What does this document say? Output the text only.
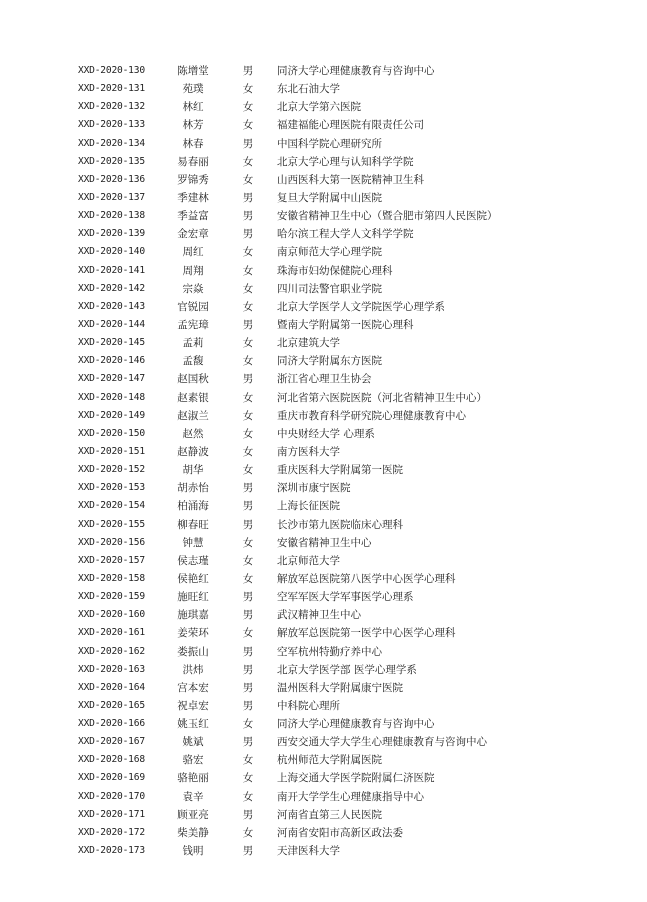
XXD-2020-130	陈增堂	男	同济大学心理健康教育与咨询中心
XXD-2020-131	苑璞	女	东北石油大学
XXD-2020-132	林红	女	北京大学第六医院
XXD-2020-133	林芳	女	福建福能心理医院有限责任公司
XXD-2020-134	林春	男	中国科学院心理研究所
XXD-2020-135	易春丽	女	北京大学心理与认知科学学院
XXD-2020-136	罗锦秀	女	山西医科大第一医院精神卫生科
XXD-2020-137	季建林	男	复旦大学附属中山医院
XXD-2020-138	季益富	男	安徽省精神卫生中心（暨合肥市第四人民医院）
XXD-2020-139	金宏章	男	哈尔滨工程大学人文科学学院
XXD-2020-140	周红	女	南京师范大学心理学院
XXD-2020-141	周翔	女	珠海市妇幼保健院心理科
XXD-2020-142	宗焱	女	四川司法警官职业学院
XXD-2020-143	官锐园	女	北京大学医学人文学院医学心理学系
XXD-2020-144	孟宪璋	男	暨南大学附属第一医院心理科
XXD-2020-145	孟莉	女	北京建筑大学
XXD-2020-146	孟馥	女	同济大学附属东方医院
XXD-2020-147	赵国秋	男	浙江省心理卫生协会
XXD-2020-148	赵素银	女	河北省第六医院医院（河北省精神卫生中心）
XXD-2020-149	赵淑兰	女	重庆市教育科学研究院心理健康教育中心
XXD-2020-150	赵然	女	中央财经大学 心理系
XXD-2020-151	赵静波	女	南方医科大学
XXD-2020-152	胡华	女	重庆医科大学附属第一医院
XXD-2020-153	胡赤怡	男	深圳市康宁医院
XXD-2020-154	柏涌海	男	上海长征医院
XXD-2020-155	柳春旺	男	长沙市第九医院临床心理科
XXD-2020-156	钟慧	女	安徽省精神卫生中心
XXD-2020-157	侯志瑾	女	北京师范大学
XXD-2020-158	侯艳红	女	解放军总医院第八医学中心医学心理科
XXD-2020-159	施旺红	男	空军军医大学军事医学心理系
XXD-2020-160	施琪嘉	男	武汉精神卫生中心
XXD-2020-161	姜荣环	女	解放军总医院第一医学中心医学心理科
XXD-2020-162	娄振山	男	空军杭州特勤疗养中心
XXD-2020-163	洪炜	男	北京大学医学部 医学心理学系
XXD-2020-164	宫本宏	男	温州医科大学附属康宁医院
XXD-2020-165	祝卓宏	男	中科院心理所
XXD-2020-166	姚玉红	女	同济大学心理健康教育与咨询中心
XXD-2020-167	姚斌	男	西安交通大学大学生心理健康教育与咨询中心
XXD-2020-168	骆宏	女	杭州师范大学附属医院
XXD-2020-169	骆艳丽	女	上海交通大学医学院附属仁济医院
XXD-2020-170	袁辛	女	南开大学学生心理健康指导中心
XXD-2020-171	顾亚亮	男	河南省直第三人民医院
XXD-2020-172	柴美静	女	河南省安阳市高新区政法委
XXD-2020-173	钱明	男	天津医科大学
